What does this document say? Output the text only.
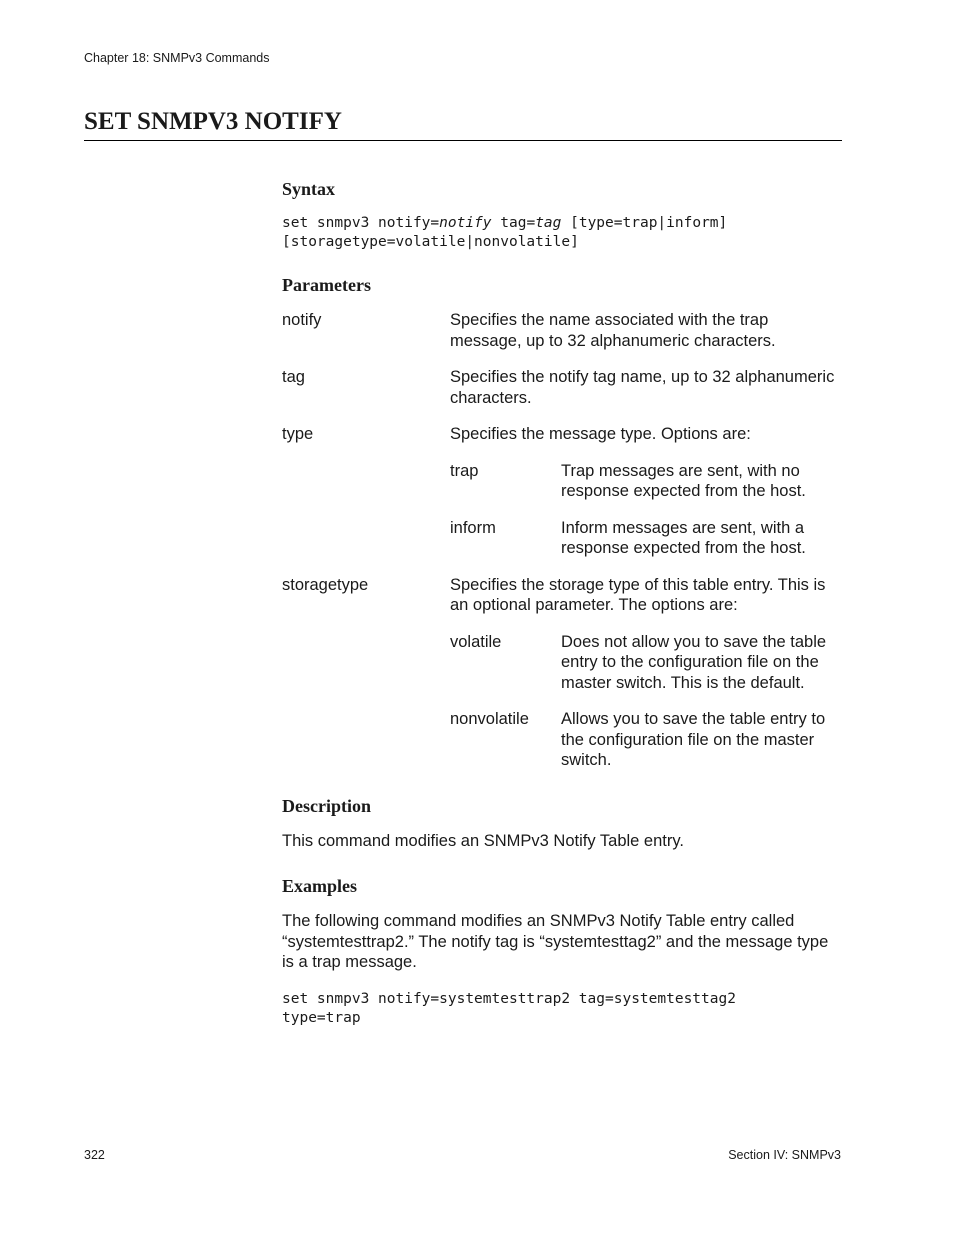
Chapter 18: SNMPv3 Commands
SET SNMPV3 NOTIFY
Syntax
set snmpv3 notify=notify tag=tag [type=trap|inform]
[storagetype=volatile|nonvolatile]
Parameters
notify	Specifies the name associated with the trap message, up to 32 alphanumeric characters.
tag	Specifies the notify tag name, up to 32 alphanumeric characters.
type	Specifies the message type. Options are:
trap	Trap messages are sent, with no response expected from the host.
inform	Inform messages are sent, with a response expected from the host.
storagetype	Specifies the storage type of this table entry. This is an optional parameter. The options are:
volatile	Does not allow you to save the table entry to the configuration file on the master switch. This is the default.
nonvolatile	Allows you to save the table entry to the configuration file on the master switch.
Description
This command modifies an SNMPv3 Notify Table entry.
Examples
The following command modifies an SNMPv3 Notify Table entry called “systemtesttrap2.” The notify tag is “systemtesttag2” and the message type is a trap message.
set snmpv3 notify=systemtesttrap2 tag=systemtesttag2
type=trap
322	Section IV: SNMPv3
